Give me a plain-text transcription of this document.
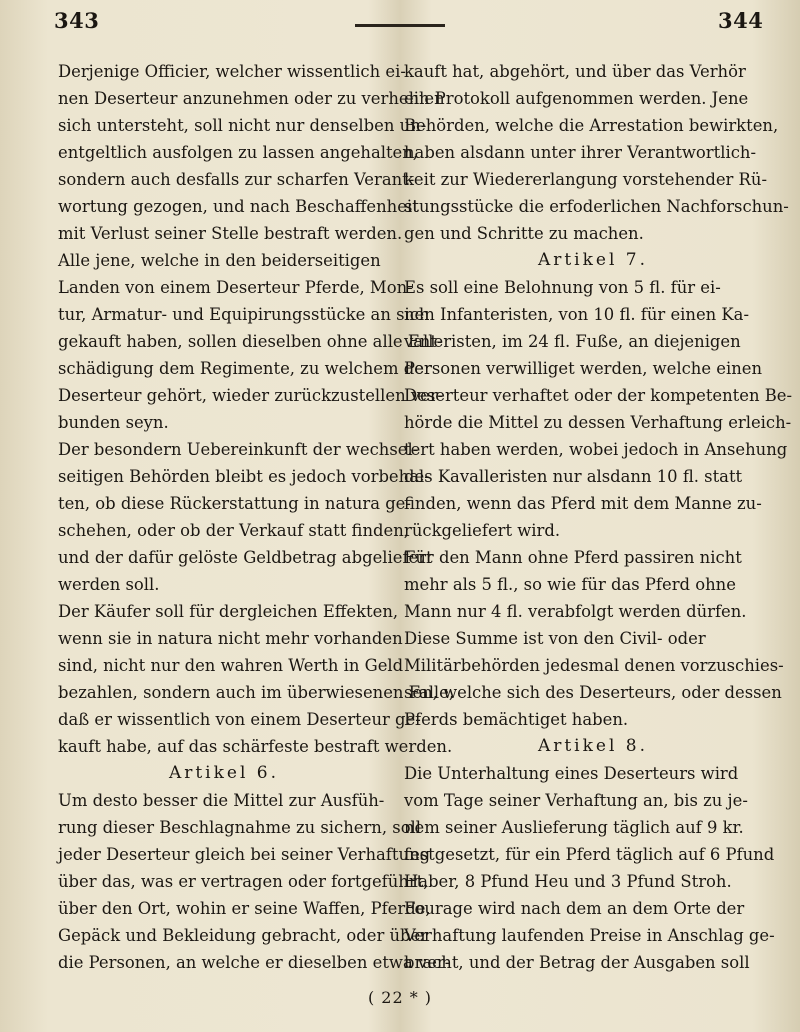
343	344
Derjenige Officier, welcher wissentlich ei-
nen Deserteur anzunehmen oder zu verhehlen
sich untersteht, soll nicht nur denselben un-
entgeltlich ausfolgen zu lassen angehalten,
sondern auch desfalls zur scharfen Verant-
wortung gezogen, und nach Beschaffenheit
mit Verlust seiner Stelle bestraft werden.
Alle jene, welche in den beiderseitigen
Landen von einem Deserteur Pferde, Mon-
tur, Armatur- und Equipirungsstücke an sich
gekauft haben, sollen dieselben ohne alle Ent-
schädigung dem Regimente, zu welchem der
Deserteur gehört, wieder zurückzustellen ver-
bunden seyn.
Der besondern Uebereinkunft der wechsel-
seitigen Behörden bleibt es jedoch vorbehal-
ten, ob diese Rückerstattung in natura ge-
schehen, oder ob der Verkauf statt finden,
und der dafür gelöste Geldbetrag abgeliefert
werden soll.
Der Käufer soll für dergleichen Effekten,
wenn sie in natura nicht mehr vorhanden
sind, nicht nur den wahren Werth in Geld
bezahlen, sondern auch im überwiesenen Falle,
daß er wissentlich von einem Deserteur ge-
kauft habe, auf das schärfeste bestraft werden.
Artikel 6.
Um desto besser die Mittel zur Ausfüh-
rung dieser Beschlagnahme zu sichern, soll
jeder Deserteur gleich bei seiner Verhaftung
über das, was er vertragen oder fortgeführt,
über den Ort, wohin er seine Waffen, Pferde,
Gepäck und Bekleidung gebracht, oder über
die Personen, an welche er dieselben etwa ver-
kauft hat, abgehört, und über das Verhör
ein Protokoll aufgenommen werden. Jene
Behörden, welche die Arrestation bewirkten,
haben alsdann unter ihrer Verantwortlich-
keit zur Wiedererlangung vorstehender Rü-
stungsstücke die erfoderlichen Nachforschun-
gen und Schritte zu machen.
Artikel 7.
Es soll eine Belohnung von 5 fl. für ei-
nen Infanteristen, von 10 fl. für einen Ka-
valleristen, im 24 fl. Fuße, an diejenigen
Personen verwilliget werden, welche einen
Deserteur verhaftet oder der kompetenten Be-
hörde die Mittel zu dessen Verhaftung erleich-
tert haben werden, wobei jedoch in Ansehung
des Kavalleristen nur alsdann 10 fl. statt
finden, wenn das Pferd mit dem Manne zu-
rückgeliefert wird.
Für den Mann ohne Pferd passiren nicht
mehr als 5 fl., so wie für das Pferd ohne
Mann nur 4 fl. verabfolgt werden dürfen.
Diese Summe ist von den Civil- oder
Militärbehörden jedesmal denen vorzuschies-
sen, welche sich des Deserteurs, oder dessen
Pferds bemächtiget haben.
Artikel 8.
Die Unterhaltung eines Deserteurs wird
vom Tage seiner Verhaftung an, bis zu je-
nem seiner Auslieferung täglich auf 9 kr.
festgesetzt, für ein Pferd täglich auf 6 Pfund
Haber, 8 Pfund Heu und 3 Pfund Stroh.
Fourage wird nach dem an dem Orte der
Verhaftung laufenden Preise in Anschlag ge-
bracht, und der Betrag der Ausgaben soll
( 22 * )
